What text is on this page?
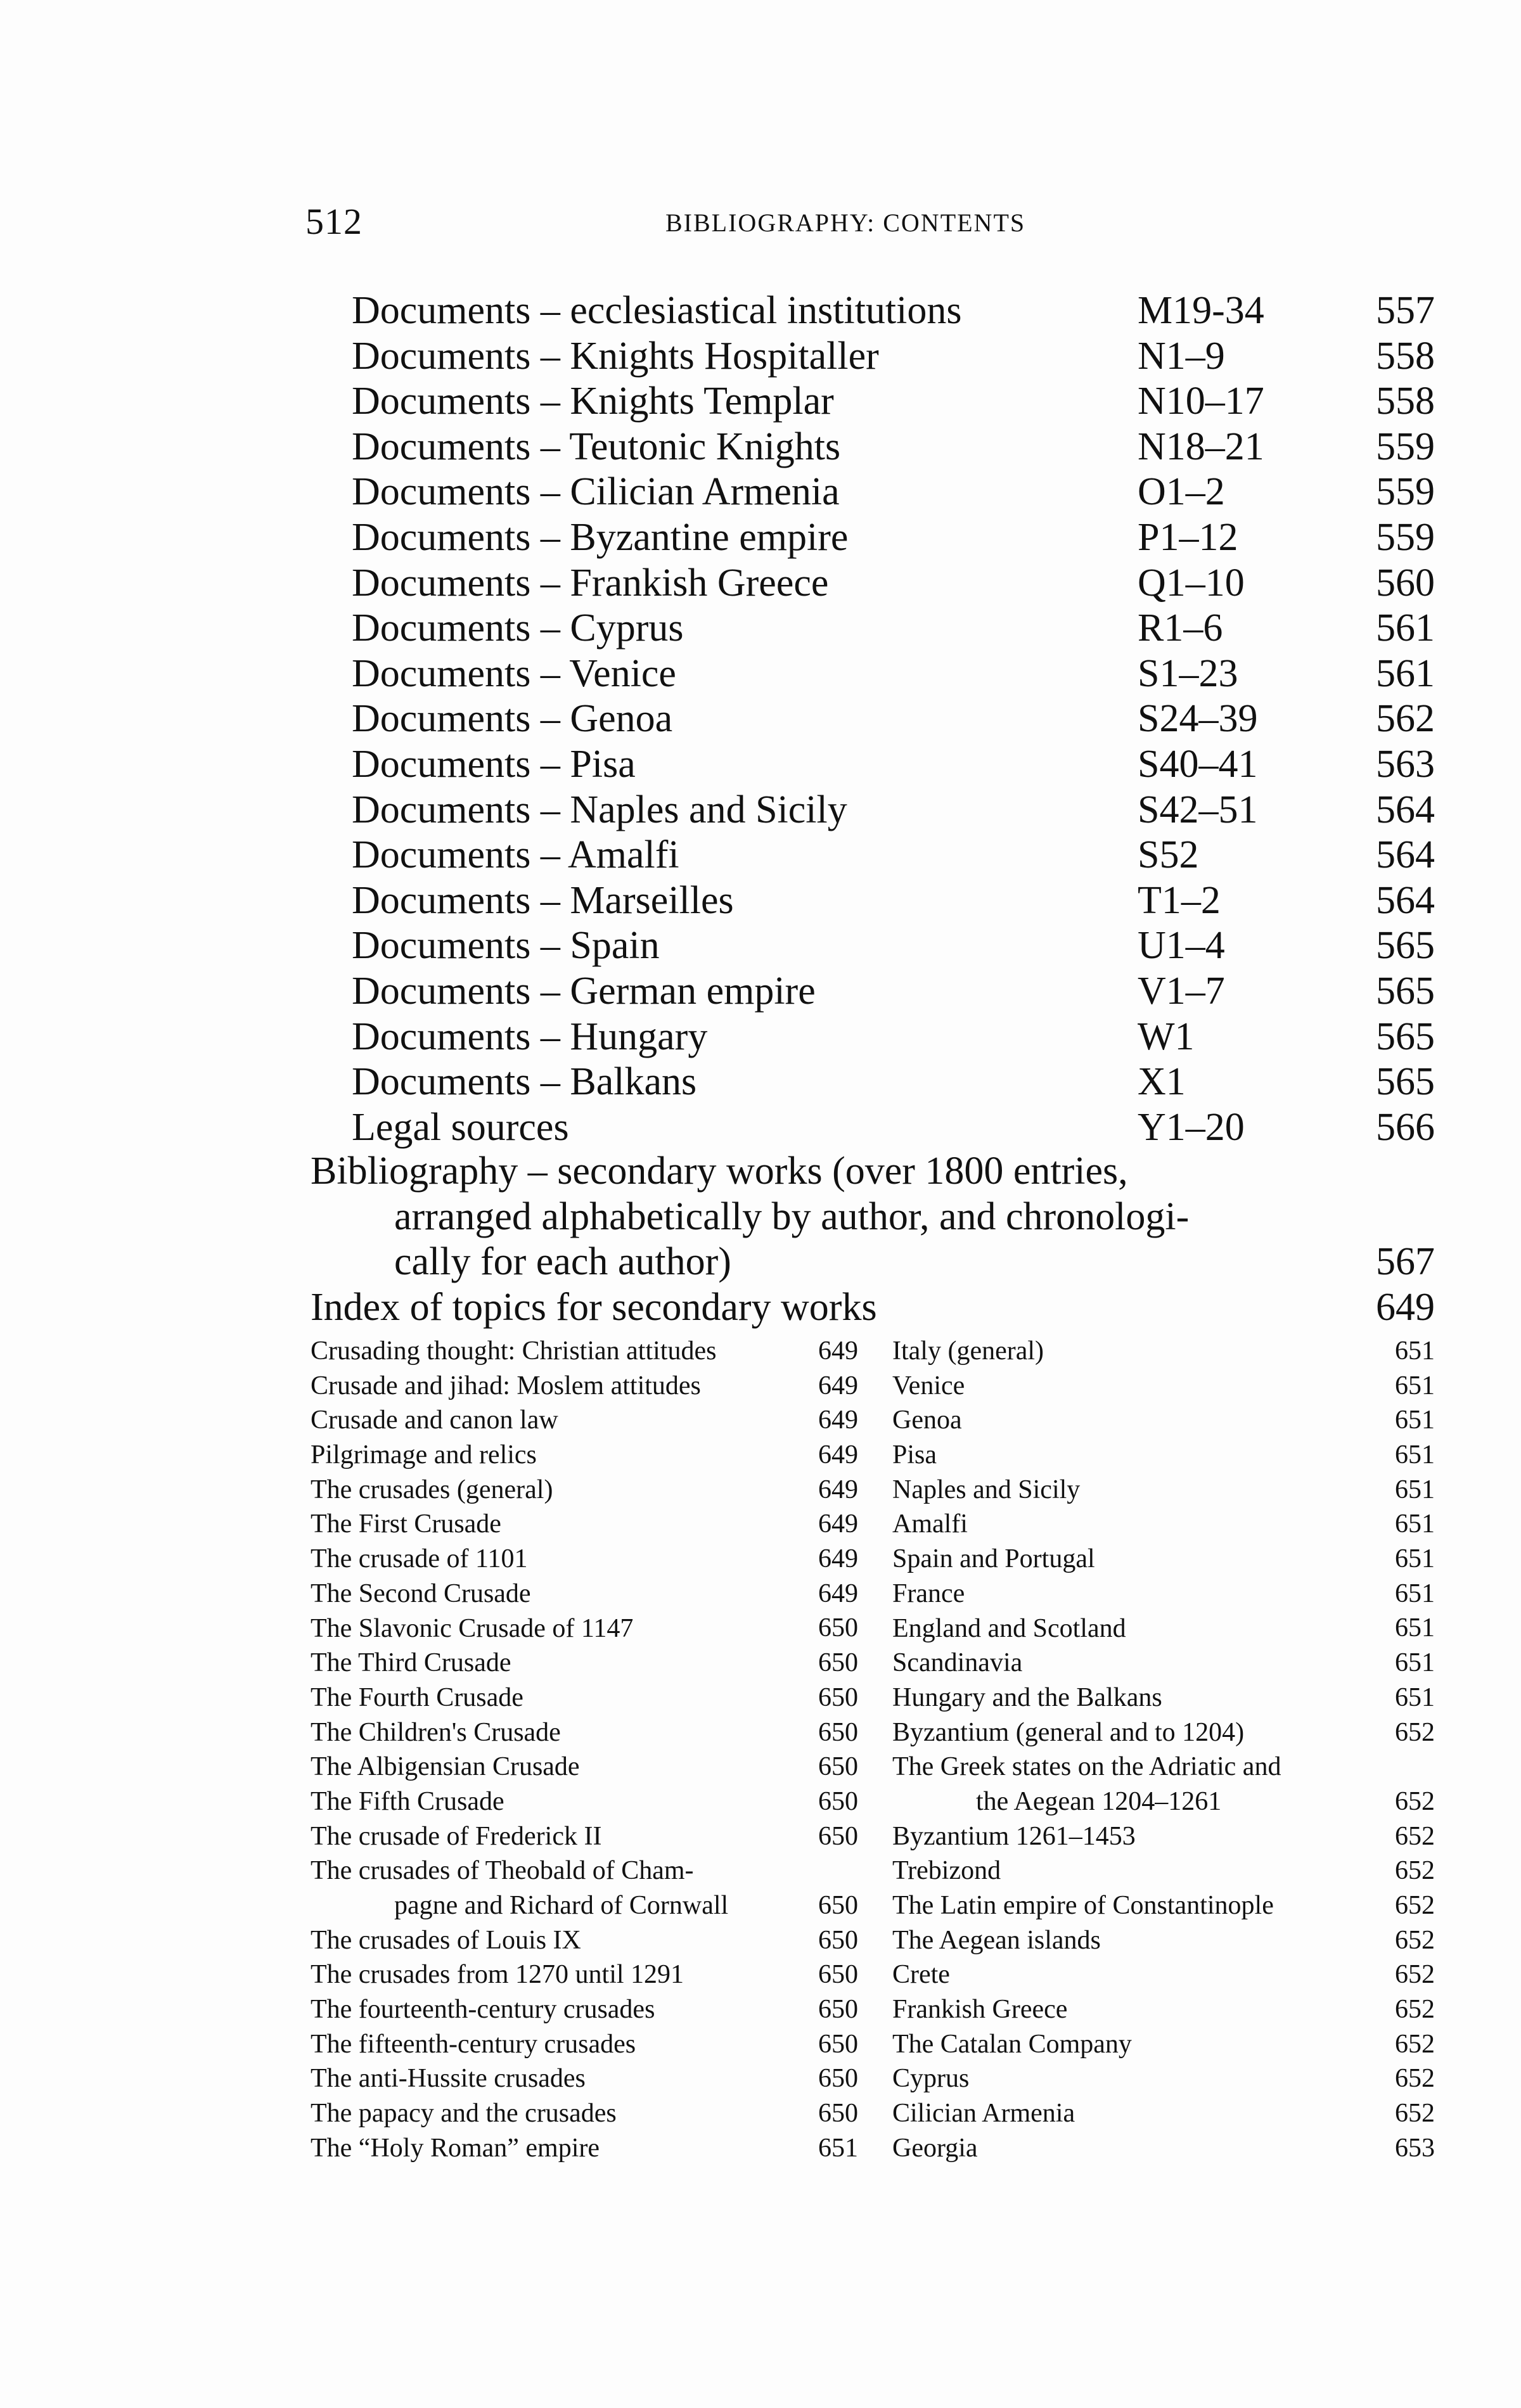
512	BIBLIOGRAPHY: CONTENTS
Documents – ecclesiastical institutions	M19-34	557
Documents – Knights Hospitaller	N1–9	558
Documents – Knights Templar	N10–17	558
Documents – Teutonic Knights	N18–21	559
Documents – Cilician Armenia	O1–2	559
Documents – Byzantine empire	P1–12	559
Documents – Frankish Greece	Q1–10	560
Documents – Cyprus	R1–6	561
Documents – Venice	S1–23	561
Documents – Genoa	S24–39	562
Documents – Pisa	S40–41	563
Documents – Naples and Sicily	S42–51	564
Documents – Amalfi	S52	564
Documents – Marseilles	T1–2	564
Documents – Spain	U1–4	565
Documents – German empire	V1–7	565
Documents – Hungary	W1	565
Documents – Balkans	X1	565
Legal sources	Y1–20	566
Bibliography – secondary works (over 1800 entries,
arranged alphabetically by author, and chronologi-
cally for each author)	567
Index of topics for secondary works	649
Crusading thought: Christian attitudes	649
Crusade and jihad: Moslem attitudes	649
Crusade and canon law	649
Pilgrimage and relics	649
The crusades (general)	649
The First Crusade	649
The crusade of 1101	649
The Second Crusade	649
The Slavonic Crusade of 1147	650
The Third Crusade	650
The Fourth Crusade	650
The Children's Crusade	650
The Albigensian Crusade	650
The Fifth Crusade	650
The crusade of Frederick II	650
The crusades of Theobald of Cham-
pagne and Richard of Cornwall	650
The crusades of Louis IX	650
The crusades from 1270 until 1291	650
The fourteenth-century crusades	650
The fifteenth-century crusades	650
The anti-Hussite crusades	650
The papacy and the crusades	650
The “Holy Roman” empire	651
Italy (general)	651
Venice	651
Genoa	651
Pisa	651
Naples and Sicily	651
Amalfi	651
Spain and Portugal	651
France	651
England and Scotland	651
Scandinavia	651
Hungary and the Balkans	651
Byzantium (general and to 1204)	652
The Greek states on the Adriatic and
the Aegean 1204–1261	652
Byzantium 1261–1453	652
Trebizond	652
The Latin empire of Constantinople	652
The Aegean islands	652
Crete	652
Frankish Greece	652
The Catalan Company	652
Cyprus	652
Cilician Armenia	652
Georgia	653
